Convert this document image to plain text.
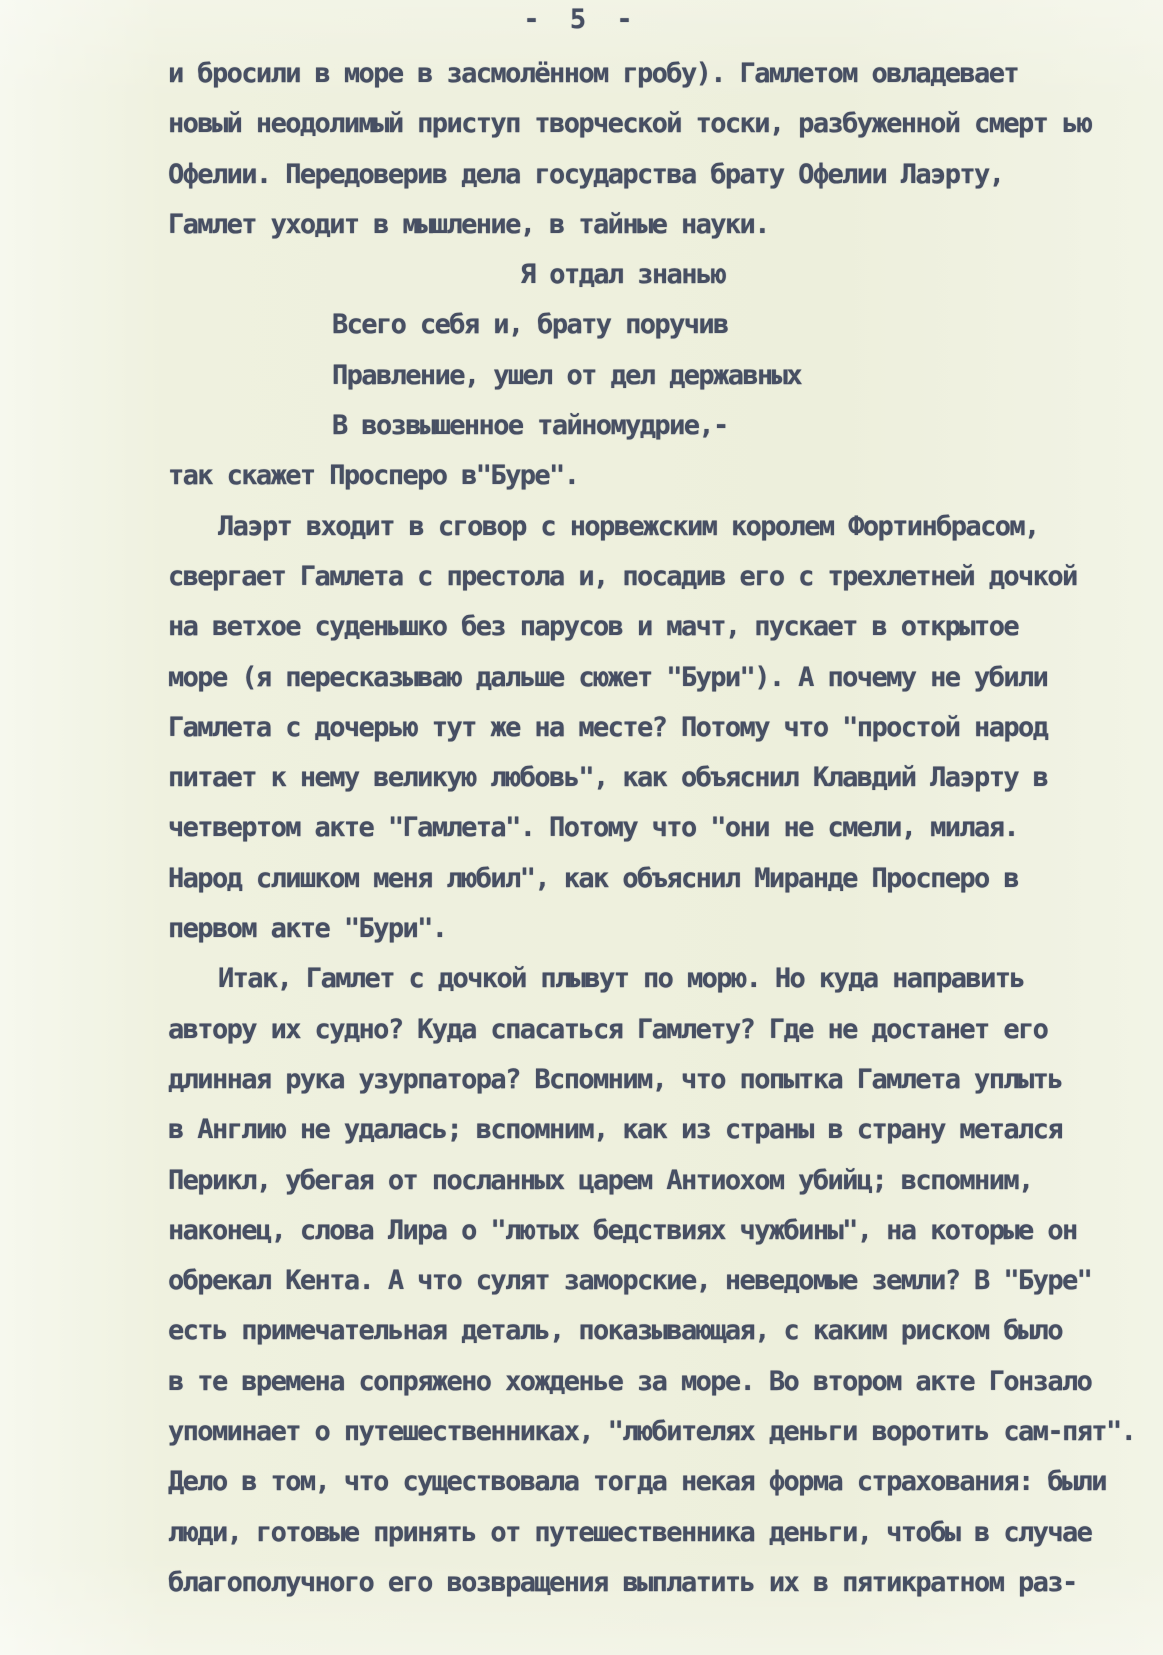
- 5 -
и бросили в море в засмолённом гробу). Гамлетом овладевает
новый неодолимый приступ творческой тоски, разбуженной смерт ью
Офелии. Передоверив дела государства брату Офелии Лаэрту,
Гамлет уходит в мышление, в тайные науки.
Я отдал знанью
Всего себя и, брату поручив
Правление, ушел от дел державных
В возвышенное тайномудрие,-
так скажет Просперо в"Буре".
Лаэрт входит в сговор с норвежским королем Фортинбрасом,
свергает Гамлета с престола и, посадив его с трехлетней дочкой
на ветхое суденышко без парусов и мачт, пускает в открытое
море (я пересказываю дальше сюжет "Бури"). А почему не убили
Гамлета с дочерью тут же на месте? Потому что "простой народ
питает к нему великую любовь", как объяснил Клавдий Лаэрту в
четвертом акте "Гамлета". Потому что "они не смели, милая.
Народ слишком меня любил", как объяснил Миранде Просперо в
первом акте "Бури".
Итак, Гамлет с дочкой плывут по морю. Но куда направить
автору их судно? Куда спасаться Гамлету? Где не достанет его
длинная рука узурпатора? Вспомним, что попытка Гамлета уплыть
в Англию не удалась; вспомним, как из страны в страну метался
Перикл, убегая от посланных царем Антиохом убийц; вспомним,
наконец, слова Лира о "лютых бедствиях чужбины", на которые он
обрекал Кента. А что сулят заморские, неведомые земли? В "Буре"
есть примечательная деталь, показывающая, с каким риском было
в те времена сопряжено хожденье за море. Во втором акте Гонзало
упоминает о путешественниках, "любителях деньги воротить сам-пят".
Дело в том, что существовала тогда некая форма страхования: были
люди, готовые принять от путешественника деньги, чтобы в случае
благополучного его возвращения выплатить их в пятикратном раз-
